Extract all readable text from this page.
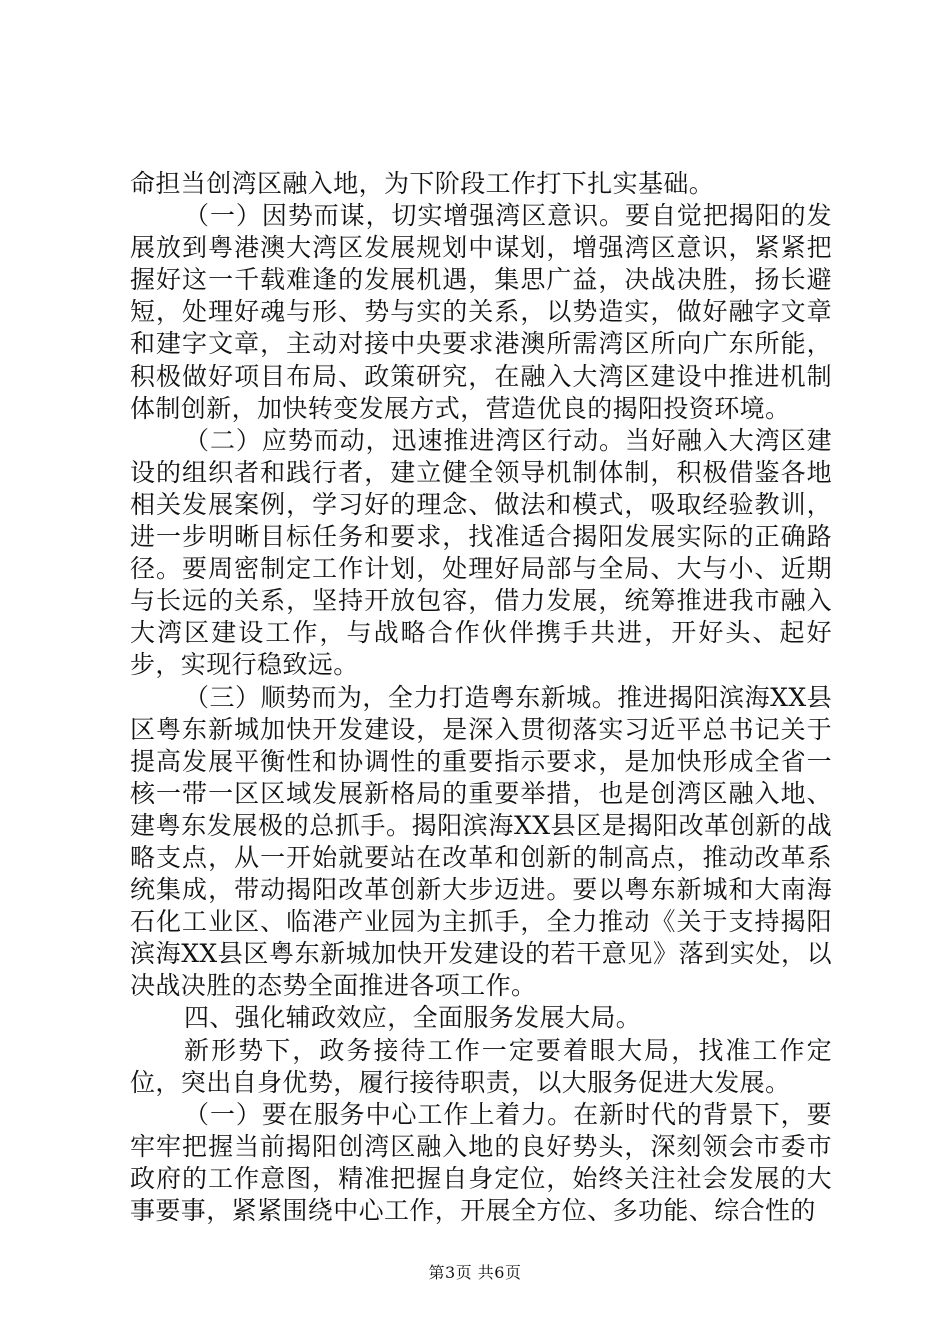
命担当创湾区融入地，为下阶段工作打下扎实基础。

（一）因势而谋，切实增强湾区意识。要自觉把揭阳的发展放到粤港澳大湾区发展规划中谋划，增强湾区意识，紧紧把握好这一千载难逢的发展机遇，集思广益，决战决胜，扬长避短，处理好魂与形、势与实的关系，以势造实，做好融字文章和建字文章，主动对接中央要求港澳所需湾区所向广东所能，积极做好项目布局、政策研究，在融入大湾区建设中推进机制体制创新，加快转变发展方式，营造优良的揭阳投资环境。

（二）应势而动，迅速推进湾区行动。当好融入大湾区建设的组织者和践行者，建立健全领导机制体制，积极借鉴各地相关发展案例，学习好的理念、做法和模式，吸取经验教训，进一步明晰目标任务和要求，找准适合揭阳发展实际的正确路径。要周密制定工作计划，处理好局部与全局、大与小、近期与长远的关系，坚持开放包容，借力发展，统筹推进我市融入大湾区建设工作，与战略合作伙伴携手共进，开好头、起好步，实现行稳致远。

（三）顺势而为，全力打造粤东新城。推进揭阳滨海XX县区粤东新城加快开发建设，是深入贯彻落实习近平总书记关于提高发展平衡性和协调性的重要指示要求，是加快形成全省一核一带一区区域发展新格局的重要举措，也是创湾区融入地、建粤东发展极的总抓手。揭阳滨海XX县区是揭阳改革创新的战略支点，从一开始就要站在改革和创新的制高点，推动改革系统集成，带动揭阳改革创新大步迈进。要以粤东新城和大南海石化工业区、临港产业园为主抓手，全力推动《关于支持揭阳滨海XX县区粤东新城加快开发建设的若干意见》落到实处，以决战决胜的态势全面推进各项工作。

四、强化辅政效应，全面服务发展大局。

新形势下，政务接待工作一定要着眼大局，找准工作定位，突出自身优势，履行接待职责，以大服务促进大发展。

（一）要在服务中心工作上着力。在新时代的背景下，要牢牢把握当前揭阳创湾区融入地的良好势头，深刻领会市委市政府的工作意图，精准把握自身定位，始终关注社会发展的大事要事，紧紧围绕中心工作，开展全方位、多功能、综合性的

第3页 共6页
